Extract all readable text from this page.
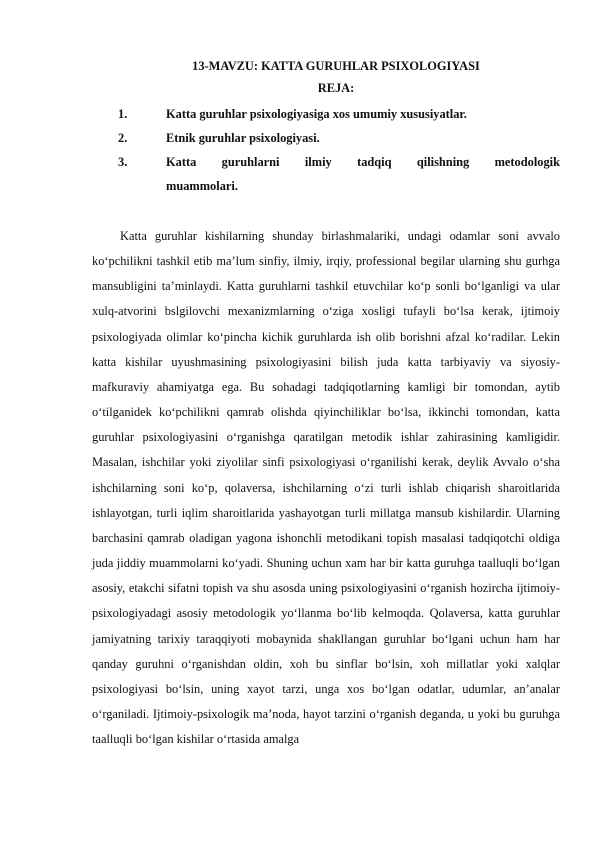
13-MAVZU: KATTA GURUHLAR PSIXOLOGIYASI
REJA:
1.	Katta guruhlar psixologiyasiga xos umumiy xususiyatlar.
2.	Etnik guruhlar psixologiyasi.
3.	Katta guruhlarni ilmiy tadqiq qilishning metodologik
muammolari.

Katta guruhlar kishilarning shunday birlashmalariki, undagi odamlar soni avvalo ko‘pchilikni tashkil etib ma’lum sinfiy, ilmiy, irqiy, professional begilar ularning shu gurhga mansubligini ta’minlaydi. Katta guruhlarni tashkil etuvchilar ko‘p sonli bo‘lganligi va ular xulq-atvorini bslgilovchi mexanizmlarning o‘ziga xosligi tufayli bo‘lsa kerak, ijtimoiy psixologiyada olimlar ko‘pincha kichik guruhlarda ish olib borishni afzal ko‘radilar. Lekin katta kishilar uyushmasining psixologiyasini bilish juda katta tarbiyaviy va siyosiy-mafkuraviy ahamiyatga ega. Bu sohadagi tadqiqotlarning kamligi bir tomondan, aytib o‘tilganidek ko‘pchilikni qamrab olishda qiyinchiliklar bo‘lsa, ikkinchi tomondan, katta guruhlar psixologiyasini o‘rganishga qaratilgan metodik ishlar zahirasining kamligidir. Masalan, ishchilar yoki ziyolilar sinfi psixologiyasi o‘rganilishi kerak, deylik Avvalo o‘sha ishchilarning soni ko‘p, qolaversa, ishchilarning o‘zi turli ishlab chiqarish sharoitlarida ishlayotgan, turli iqlim sharoitlarida yashayotgan turli millatga mansub kishilardir. Ularning barchasini qamrab oladigan yagona ishonchli metodikani topish masalasi tadqiqotchi oldiga juda jiddiy muammolarni ko‘yadi. Shuning uchun xam har bir katta guruhga taalluqli bo‘lgan asosiy, etakchi sifatni topish va shu asosda uning psixologiyasini o‘rganish hozircha ijtimoiy-psixologiyadagi asosiy metodologik yo‘llanma bo‘lib kelmoqda. Qolaversa, katta guruhlar jamiyatning tarixiy taraqqiyoti mobaynida shakllangan guruhlar bo‘lgani uchun ham har qanday guruhni o‘rganishdan oldin, xoh bu sinflar bo‘lsin, xoh millatlar yoki xalqlar psixologiyasi bo‘lsin, uning xayot tarzi, unga xos bo‘lgan odatlar, udumlar, an’analar o‘rganiladi. Ijtimoiy-psixologik ma’noda, hayot tarzini o‘rganish deganda, u yoki bu guruhga taalluqli bo‘lgan kishilar o‘rtasida amalga
